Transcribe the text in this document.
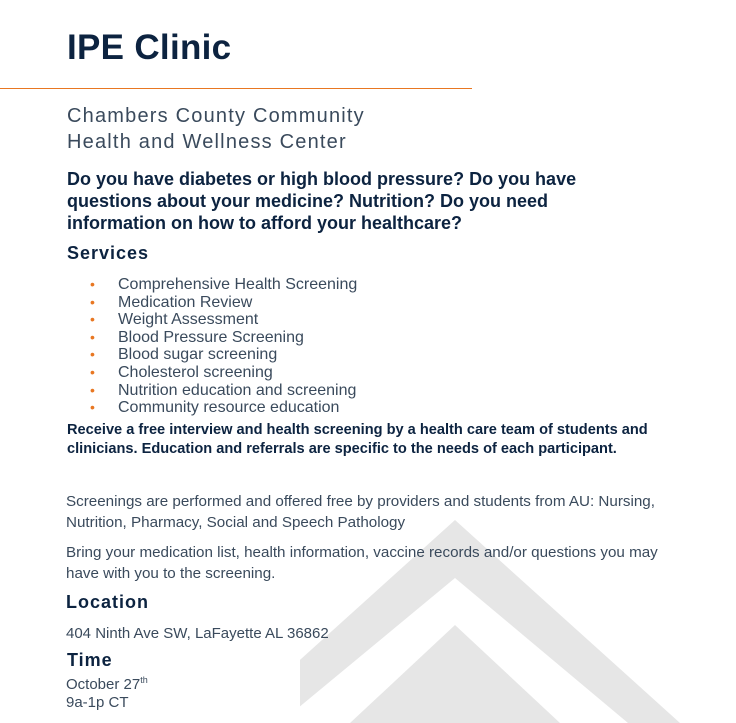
IPE Clinic
Chambers County Community
Health and Wellness Center

Do you have diabetes or high blood pressure? Do you have questions about your medicine? Nutrition? Do you need information on how to afford your healthcare?

Services
• Comprehensive Health Screening
• Medication Review
• Weight Assessment
• Blood Pressure Screening
• Blood sugar screening
• Cholesterol screening
• Nutrition education and screening
• Community resource education

Receive a free interview and health screening by a health care team of students and clinicians. Education and referrals are specific to the needs of each participant.

Screenings are performed and offered free by providers and students from AU: Nursing, Nutrition, Pharmacy, Social and Speech Pathology

Bring your medication list, health information, vaccine records and/or questions you may have with you to the screening.

Location

404 Ninth Ave SW, LaFayette AL 36862

Time

October 27th

9a-1p CT
